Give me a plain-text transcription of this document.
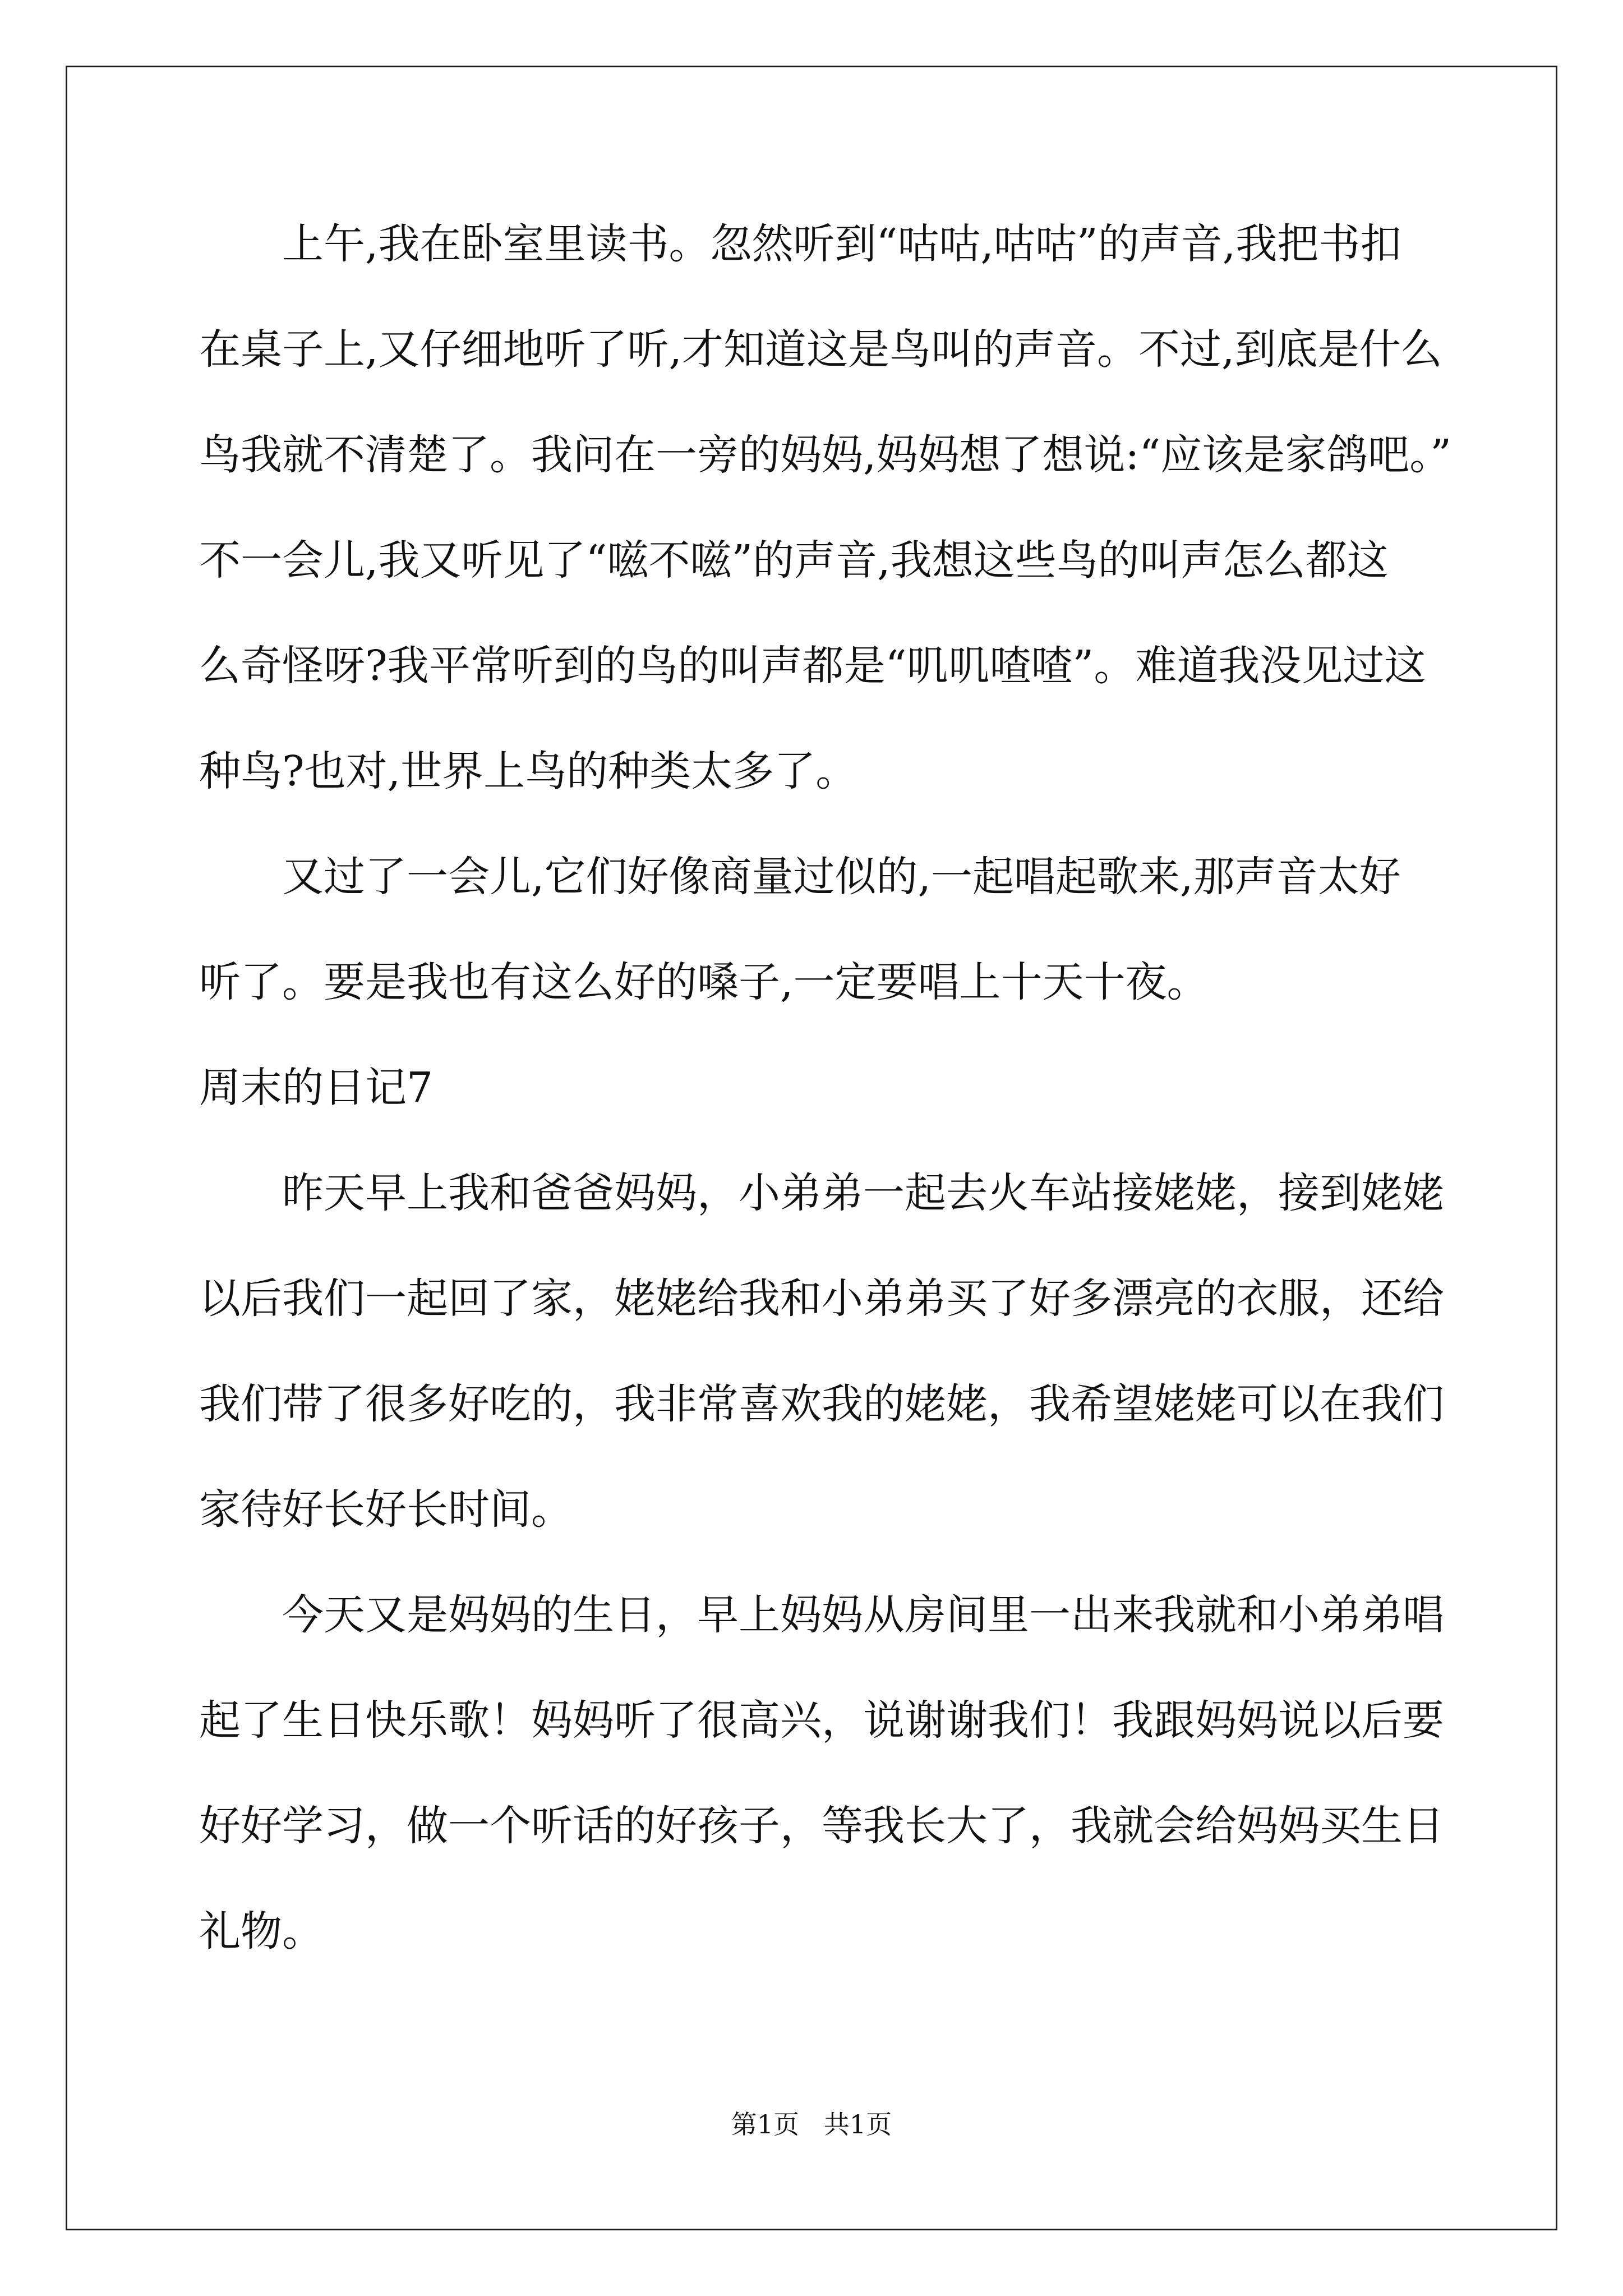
上午,我在卧室里读书。忽然听到“咕咕,咕咕”的声音,我把书扣
在桌子上,又仔细地听了听,才知道这是鸟叫的声音。不过,到底是什么
鸟我就不清楚了。我问在一旁的妈妈,妈妈想了想说:“应该是家鸽吧。”
不一会儿,我又听见了“嗞不嗞”的声音,我想这些鸟的叫声怎么都这
么奇怪呀?我平常听到的鸟的叫声都是“叽叽喳喳”。难道我没见过这
种鸟?也对,世界上鸟的种类太多了。
又过了一会儿,它们好像商量过似的,一起唱起歌来,那声音太好
听了。要是我也有这么好的嗓子,一定要唱上十天十夜。
周末的日记7
昨天早上我和爸爸妈妈，小弟弟一起去火车站接姥姥，接到姥姥
以后我们一起回了家，姥姥给我和小弟弟买了好多漂亮的衣服，还给
我们带了很多好吃的，我非常喜欢我的姥姥，我希望姥姥可以在我们
家待好长好长时间。
今天又是妈妈的生日，早上妈妈从房间里一出来我就和小弟弟唱
起了生日快乐歌！妈妈听了很高兴，说谢谢我们！我跟妈妈说以后要
好好学习，做一个听话的好孩子，等我长大了，我就会给妈妈买生日
礼物。
第1页   共1页
